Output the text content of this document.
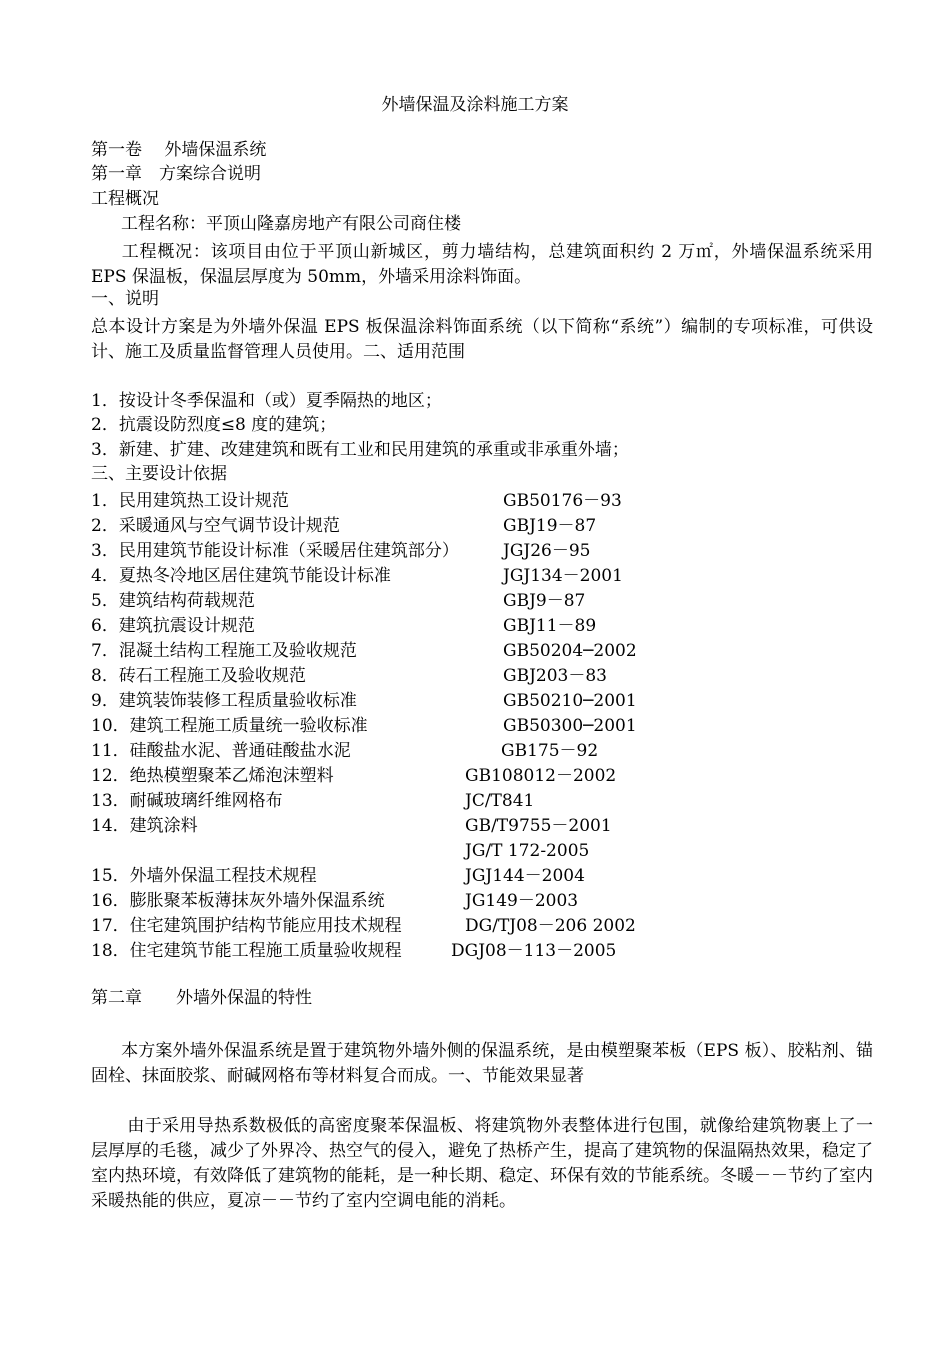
外墙保温及涂料施工方案
第一卷　 外墙保温系统
第一章　方案综合说明
工程概况
工程名称：平顶山隆嘉房地产有限公司商住楼
工程概况：该项目由位于平顶山新城区，剪力墙结构，总建筑面积约 2 万㎡，外墙保温系统采用 EPS 保温板，保温层厚度为 50mm，外墙采用涂料饰面。
一、说明
总本设计方案是为外墙外保温 EPS 板保温涂料饰面系统（以下简称“系统”）编制的专项标准，可供设计、施工及质量监督管理人员使用。二、适用范围
1．按设计冬季保温和（或）夏季隔热的地区；
2．抗震设防烈度≤8 度的建筑；
3．新建、扩建、改建建筑和既有工业和民用建筑的承重或非承重外墙；
三、主要设计依据
1．民用建筑热工设计规范	GB50176－93
2．采暖通风与空气调节设计规范	GBJ19－87
3．民用建筑节能设计标准（采暖居住建筑部分）	JGJ26－95
4．夏热冬冷地区居住建筑节能设计标准	JGJ134－2001
5．建筑结构荷载规范	GBJ9－87
6．建筑抗震设计规范	GBJ11－89
7．混凝土结构工程施工及验收规范	GB50204─2002
8．砖石工程施工及验收规范	GBJ203－83
9．建筑装饰装修工程质量验收标准	GB50210─2001
10．建筑工程施工质量统一验收标准	GB50300─2001
11．硅酸盐水泥、普通硅酸盐水泥	GB175－92
12．绝热模塑聚苯乙烯泡沫塑料	GB108012－2002
13．耐碱玻璃纤维网格布	JC/T841
14．建筑涂料	GB/T9755－2001
JG/T 172-2005
15．外墙外保温工程技术规程	JGJ144－2004
16．膨胀聚苯板薄抹灰外墙外保温系统	JG149－2003
17．住宅建筑围护结构节能应用技术规程	DG/TJ08－206 2002
18．住宅建筑节能工程施工质量验收规程	DGJ08－113－2005
第二章　　外墙外保温的特性
本方案外墙外保温系统是置于建筑物外墙外侧的保温系统，是由模塑聚苯板（EPS 板）、胶粘剂、锚固栓、抹面胶浆、耐碱网格布等材料复合而成。一、节能效果显著
由于采用导热系数极低的高密度聚苯保温板、将建筑物外表整体进行包围，就像给建筑物裹上了一层厚厚的毛毯，减少了外界冷、热空气的侵入，避免了热桥产生，提高了建筑物的保温隔热效果，稳定了室内热环境，有效降低了建筑物的能耗，是一种长期、稳定、环保有效的节能系统。冬暖－－节约了室内采暖热能的供应，夏凉－－节约了室内空调电能的消耗。
